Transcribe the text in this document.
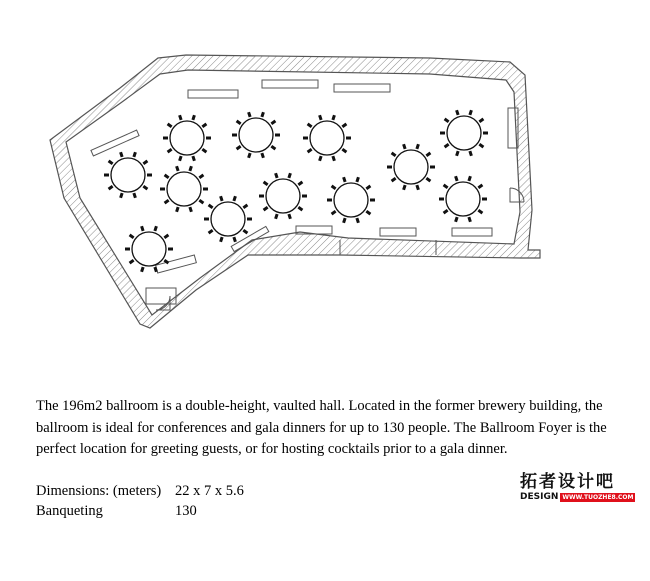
The 196m2 ballroom is a double-height, vaulted hall. Located in the former brewery building, the ballroom is ideal for conferences and gala dinners for up to 130 people. The Ballroom Foyer is the perfect location for greeting guests, or for hosting cocktails prior to a gala dinner.

Dimensions: (meters) 22 x 7 x 5.6
Banqueting	130
拓者设计吧
DESIGN WWW.TUOZHE8.COM
